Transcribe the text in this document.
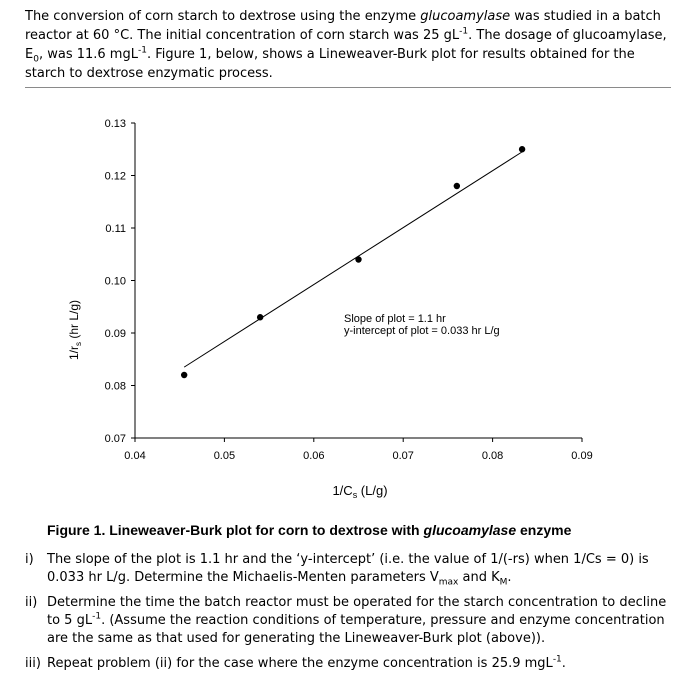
The conversion of corn starch to dextrose using the enzyme glucoamylase was studied in a batch reactor at 60 °C. The initial concentration of corn starch was 25 $gL^{-1}$. The dosage of glucoamylase, $E_0$, was 11.6 mgL$^{-1}$. Figure 1, below, shows a Lineweaver-Burk plot for results obtained for the starch to dextrose enzymatic process.

0.07
0.08
0.09
0.10
0.11
0.12
0.13
0.04	0.05	0.06	0.07	0.08	0.09
$1/r_s$ (hr L/g)
$1/C_s$ (L/g)
Slope of plot = 1.1 hr
y-intercept of plot = 0.033 hr L/g
Figure 1. Lineweaver-Burk plot for corn to dextrose with glucoamylase enzyme
i) The slope of the plot is 1.1 hr and the ‘y-intercept’ (i.e. the value of 1/(-rs) when 1/Cs = 0) is 0.033 hr L/g. Determine the Michaelis-Menten parameters $V_{max}$ and $K_M$.
ii) Determine the time the batch reactor must be operated for the starch concentration to decline to 5 $gL^{-1}$. (Assume the reaction conditions of temperature, pressure and enzyme concentration are the same as that used for generating the Lineweaver-Burk plot (above)).
iii) Repeat problem (ii) for the case where the enzyme concentration is 25.9 mgL$^{-1}$.
